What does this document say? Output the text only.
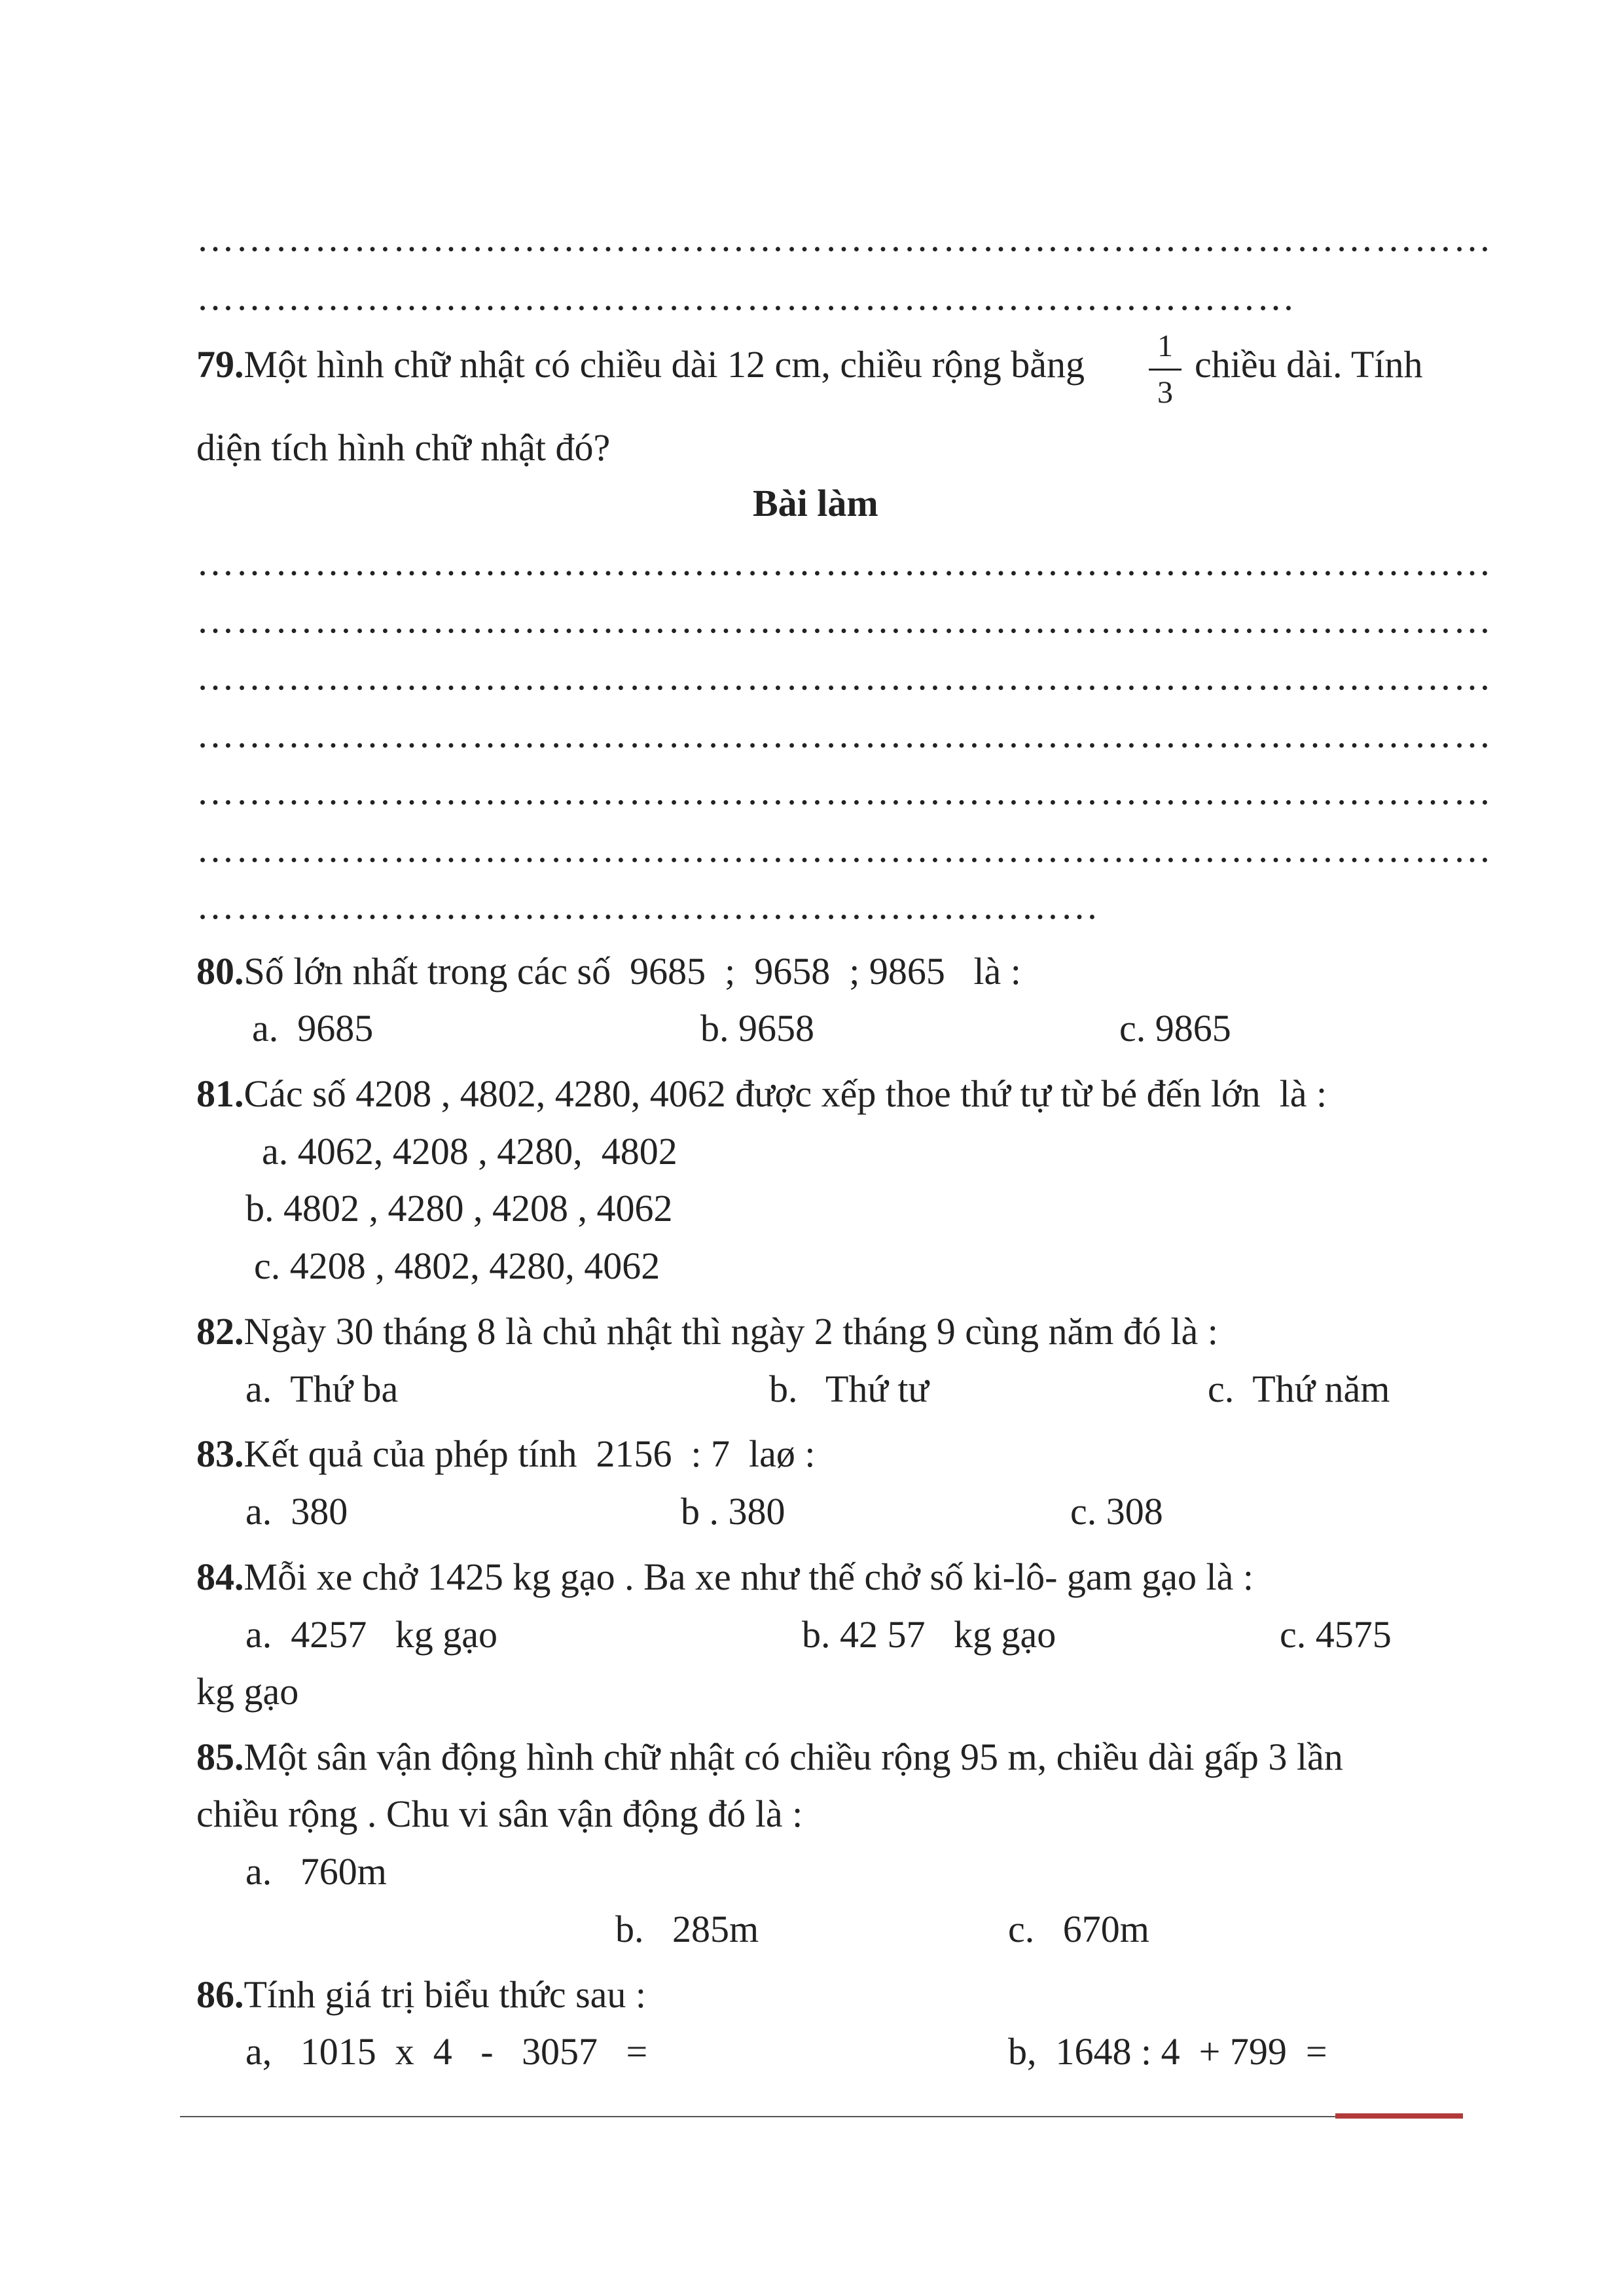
………………………………………………………………………………………
…………………………………………………………………………
79.Một hình chữ nhật có chiều dài 12 cm, chiều rộng bằng 1
3
chiều dài. Tính
diện tích hình chữ nhật đó?
Bài làm
………………………………………………………………………………………
………………………………………………………………………………………
………………………………………………………………………………………
………………………………………………………………………………………
………………………………………………………………………………………
………………………………………………………………………………………
……………………………………………………………
80.Số lớn nhất trong các số  9685  ;  9658  ; 9865   là :
a.  9685	b. 9658	c. 9865
81.Các số 4208 , 4802, 4280, 4062 được xếp thoe thứ tự từ bé đến lớn  là :
a. 4062, 4208 , 4280,  4802
b. 4802 , 4280 , 4208 , 4062
c. 4208 , 4802, 4280, 4062
82.Ngày 30 tháng 8 là chủ nhật thì ngày 2 tháng 9 cùng năm đó là :
a.  Thứ ba	b.   Thứ tư	c.  Thứ năm
83.Kết quả của phép tính  2156  : 7  laø :
a.  380	b . 380	c. 308
84.Mỗi xe chở 1425 kg gạo . Ba xe như thế chở số ki-lô- gam gạo là :
a.  4257   kg gạo	b. 42 57   kg gạo	c. 4575
kg gạo
85.Một sân vận động hình chữ nhật có chiều rộng 95 m, chiều dài gấp 3 lần
chiều rộng . Chu vi sân vận động đó là :
a.   760m
b.   285m	c.   670m
86.Tính giá trị biểu thức sau :
a,   1015  x  4   -   3057   =	b,  1648 : 4  + 799  =
